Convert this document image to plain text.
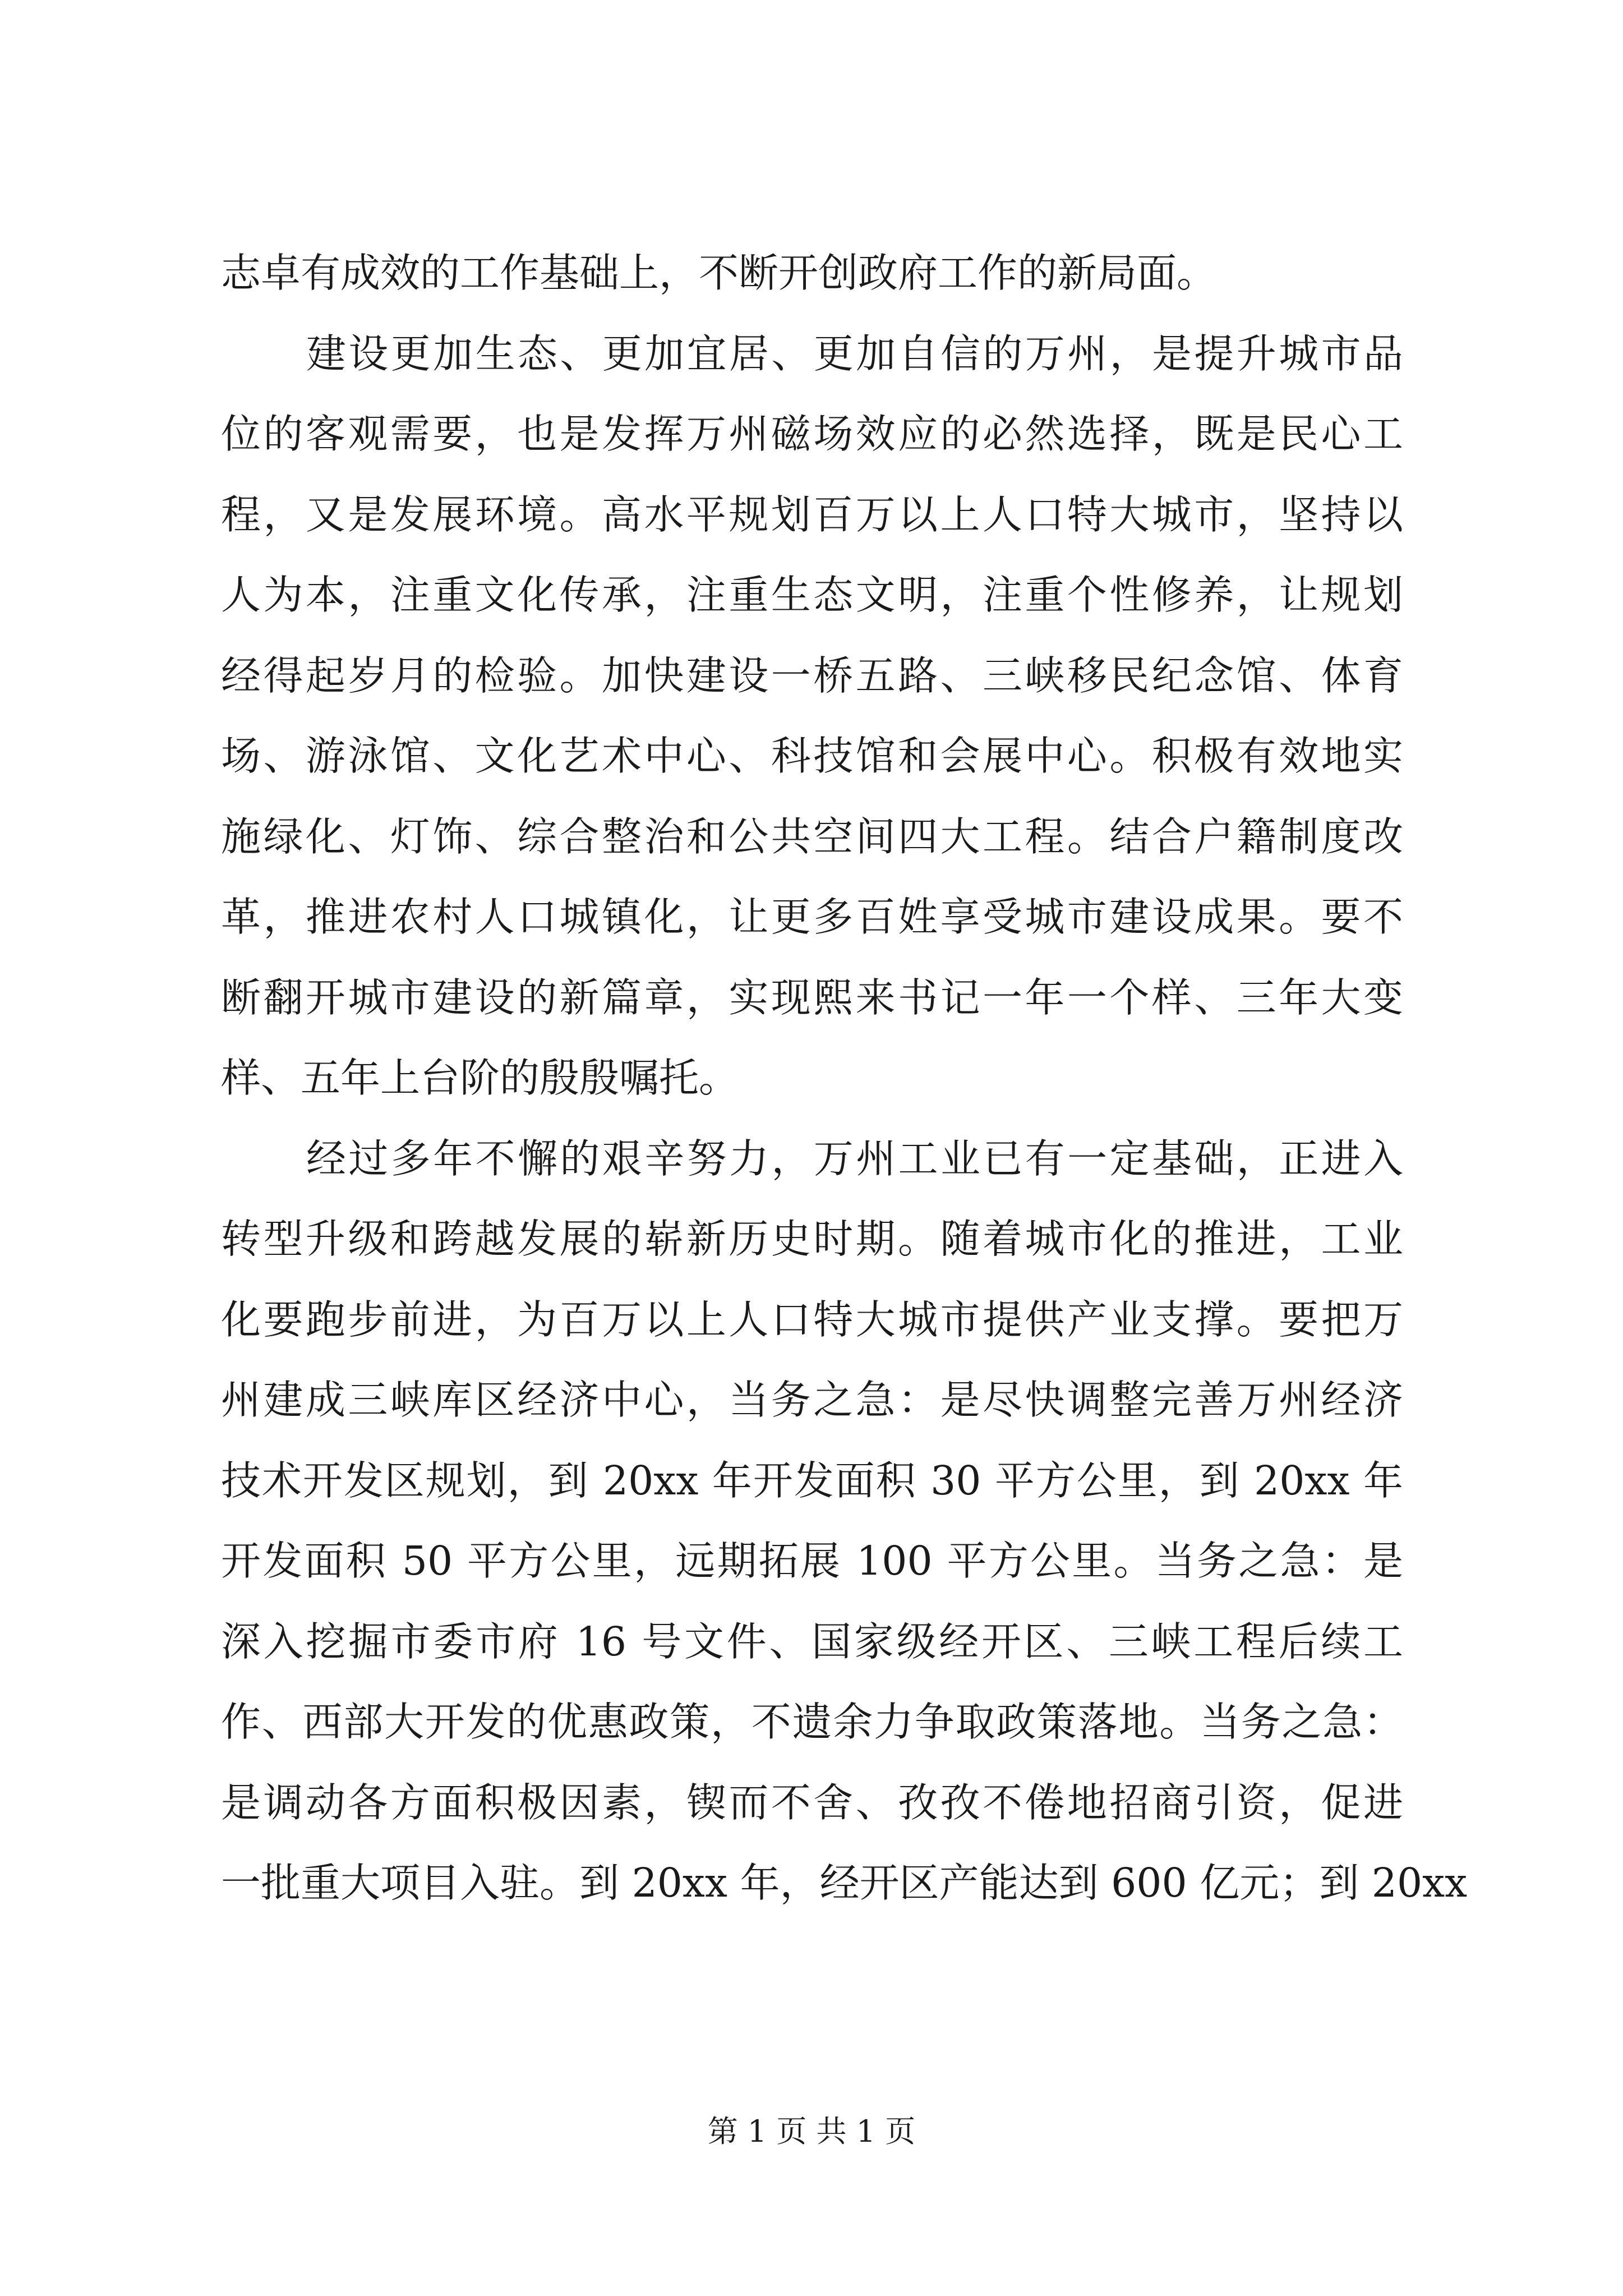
志卓有成效的工作基础上，不断开创政府工作的新局面。
建设更加生态、更加宜居、更加自信的万州，是提升城市品
位的客观需要，也是发挥万州磁场效应的必然选择，既是民心工
程，又是发展环境。高水平规划百万以上人口特大城市，坚持以
人为本，注重文化传承，注重生态文明，注重个性修养，让规划
经得起岁月的检验。加快建设一桥五路、三峡移民纪念馆、体育
场、游泳馆、文化艺术中心、科技馆和会展中心。积极有效地实
施绿化、灯饰、综合整治和公共空间四大工程。结合户籍制度改
革，推进农村人口城镇化，让更多百姓享受城市建设成果。要不
断翻开城市建设的新篇章，实现熙来书记一年一个样、三年大变
样、五年上台阶的殷殷嘱托。
经过多年不懈的艰辛努力，万州工业已有一定基础，正进入
转型升级和跨越发展的崭新历史时期。随着城市化的推进，工业
化要跑步前进，为百万以上人口特大城市提供产业支撑。要把万
州建成三峡库区经济中心，当务之急：是尽快调整完善万州经济
技术开发区规划，到 20xx 年开发面积 30 平方公里，到 20xx 年
开发面积 50 平方公里，远期拓展 100 平方公里。当务之急：是
深入挖掘市委市府 16 号文件、国家级经开区、三峡工程后续工
作、西部大开发的优惠政策，不遗余力争取政策落地。当务之急：
是调动各方面积极因素，锲而不舍、孜孜不倦地招商引资，促进
一批重大项目入驻。到 20xx 年，经开区产能达到 600 亿元；到 20xx
第 1 页 共 1 页
